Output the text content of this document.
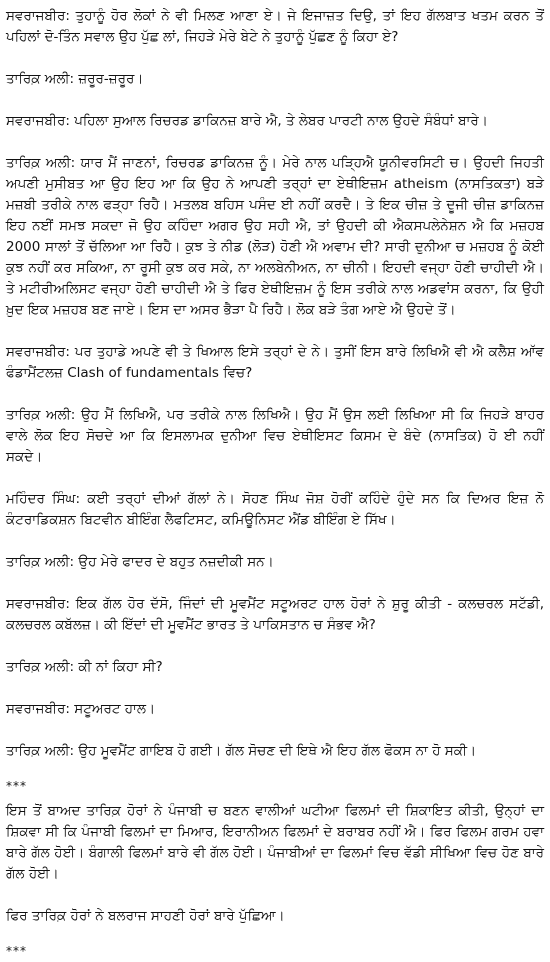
ਸਵਰਾਜਬੀਰ: ਤੁਹਾਨੂੰ ਹੋਰ ਲੋਕਾਂ ਨੇ ਵੀ ਮਿਲਣ ਆਣਾ ਏ। ਜੇ ਇਜਾਜ਼ਤ ਦਿਉ, ਤਾਂ ਇਹ ਗੱਲਬਾਤ ਖਤਮ ਕਰਨ ਤੋਂ ਪਹਿਲਾਂ ਦੋ-ਤਿੰਨ ਸਵਾਲ ਉਹ ਪੁੱਛ ਲਾਂ, ਜਿਹੜੇ ਮੇਰੇ ਬੇਟੇ ਨੇ ਤੁਹਾਨੂੰ ਪੁੱਛਣ ਨੂੰ ਕਿਹਾ ਏ?

ਤਾਰਿਕ਼ ਅਲੀ: ਜ਼ਰੂਰ-ਜ਼ਰੂਰ।

ਸਵਰਾਜਬੀਰ: ਪਹਿਲਾ ਸੁਆਲ ਰਿਚਰਡ ਡਾਕਿਨਜ਼ ਬਾਰੇ ਐ, ਤੇ ਲੇਬਰ ਪਾਰਟੀ ਨਾਲ ਉਹਦੇ ਸੰਬੰਧਾਂ ਬਾਰੇ।

ਤਾਰਿਕ਼ ਅਲੀ: ਯਾਰ ਮੈਂ ਜਾਣਨਾਂ, ਰਿਚਰਡ ਡਾਕਿਨਜ਼ ਨੂੰ। ਮੇਰੇ ਨਾਲ ਪੜ੍ਹਿਐ ਯੂਨੀਵਰਸਿਟੀ ਚ। ਉਹਦੀ ਜਿਹਤੀ ਅਪਣੀ ਮੁਸੀਬਤ ਆ ਉਹ ਇਹ ਆ ਕਿ ਉਹ ਨੇ ਆਪਣੀ ਤਰ੍ਹਾਂ ਦਾ ਏਥੀਇਜ਼ਮ atheism (ਨਾਸਤਿਕਤਾ) ਬੜੇ ਮਜ਼ਬੀ ਤਰੀਕੇ ਨਾਲ ਫੜ੍ਹਾ ਰਿਹੈ। ਮਤਲਬ ਬਹਿਸ ਪਸੰਦ ਈ ਨਹੀਂ ਕਰਦੈ। ਤੇ ਇਕ ਚੀਜ਼ ਤੇ ਦੂਜੀ ਚੀਜ਼ ਡਾਕਿਨਜ਼ ਇਹ ਨਈਂ ਸਮਝ ਸਕਦਾ ਜੋ ਉਹ ਕਹਿੰਦਾ ਅਗਰ ਉਹ ਸਹੀ ਐ, ਤਾਂ ਉਹਦੀ ਕੀ ਐਕਸਪਲੇਨੇਸ਼ਨ ਐ ਕਿ ਮਜ਼ਹਬ 2000 ਸਾਲਾਂ ਤੋਂ ਚੱਲਿਆ ਆ ਰਿਹੈ। ਕੁਝ ਤੇ ਨੀਡ (ਲੋੜ) ਹੋਣੀ ਐ ਅਵਾਮ ਦੀ? ਸਾਰੀ ਦੁਨੀਆ ਚ ਮਜ਼ਹਬ ਨੂੰ ਕੋਈ ਕੁਝ ਨਹੀਂ ਕਰ ਸਕਿਆ, ਨਾ ਰੂਸੀ ਕੁਝ ਕਰ ਸਕੇ, ਨਾ ਅਲਬੇਨੀਅਨ, ਨਾ ਚੀਨੀ। ਇਹਦੀ ਵਜ੍ਹਾ ਹੋਣੀ ਚਾਹੀਦੀ ਐ। ਤੇ ਮਟੀਰੀਅਲਿਸਟ ਵਜ੍ਹਾ ਹੋਣੀ ਚਾਹੀਦੀ ਐ ਤੇ ਫਿਰ ਏਥੀਇਜ਼ਮ ਨੂੰ ਇਸ ਤਰੀਕੇ ਨਾਲ ਅਡਵਾਂਸ ਕਰਨਾ, ਕਿ ਉਹੀ ਖ਼ੁਦ ਇਕ ਮਜ਼ਹਬ ਬਣ ਜਾਏ। ਇਸ ਦਾ ਅਸਰ ਭੈੜਾ ਪੈ ਰਿਹੈ। ਲੋਕ ਬੜੇ ਤੰਗ ਆਏ ਐ ਉਹਦੇ ਤੋਂ।

ਸਵਰਾਜਬੀਰ: ਪਰ ਤੁਹਾਡੇ ਅਪਣੇ ਵੀ ਤੇ ਖਿਆਲ ਇਸੇ ਤਰ੍ਹਾਂ ਦੇ ਨੇ। ਤੁਸੀਂ ਇਸ ਬਾਰੇ ਲਿਖਿਐ ਵੀ ਐ ਕਲੈਸ਼ ਆੱਵ ਫੰਡਾਮੈਂਟਲਜ਼ Clash of fundamentals ਵਿਚ?

ਤਾਰਿਕ਼ ਅਲੀ: ਉਹ ਮੈਂ ਲਿਖਿਐ, ਪਰ ਤਰੀਕੇ ਨਾਲ ਲਿਖਿਐ। ਉਹ ਮੈਂ ਉਸ ਲਈ ਲਿਖਿਆ ਸੀ ਕਿ ਜਿਹੜੇ ਬਾਹਰ ਵਾਲੇ ਲੋਕ ਇਹ ਸੋਚਦੇ ਆ ਕਿ ਇਸਲਾਮਕ ਦੁਨੀਆ ਵਿਚ ਏਥੀਇਸਟ ਕਿਸਮ ਦੇ ਬੰਦੇ (ਨਾਸਤਿਕ) ਹੋ ਈ ਨਹੀਂ ਸਕਦੇ।

ਮਹਿੰਦਰ ਸਿੰਘ: ਕਈ ਤਰ੍ਹਾਂ ਦੀਆਂ ਗੱਲਾਂ ਨੇ। ਸੋਹਣ ਸਿੰਘ ਜੋਸ਼ ਹੋਰੀਂ ਕਹਿੰਦੇ ਹੁੰਦੇ ਸਨ ਕਿ ਦਿਅਰ ਇਜ਼ ਨੋ ਕੰਟਰਾਡਿਕਸ਼ਨ ਬਿਟਵੀਨ ਬੀਇੰਗ ਲੈਫਟਿਸਟ, ਕਮਿਊਨਿਸਟ ਐਂਡ ਬੀਇੰਗ ਏ ਸਿੱਖ।

ਤਾਰਿਕ਼ ਅਲੀ: ਉਹ ਮੇਰੇ ਫਾਦਰ ਦੇ ਬਹੁਤ ਨਜ਼ਦੀਕੀ ਸਨ।

ਸਵਰਾਜਬੀਰ: ਇਕ ਗੱਲ ਹੋਰ ਦੱਸੋ, ਜਿੰਦਾਂ ਦੀ ਮੂਵਮੈਂਟ ਸਟੂਅਰਟ ਹਾਲ ਹੋਰਾਂ ਨੇ ਸ਼ੁਰੂ ਕੀਤੀ - ਕਲਚਰਲ ਸਟੱਡੀ, ਕਲਚਰਲ ਕਬੱਲਜ਼। ਕੀ ਇੱਦਾਂ ਦੀ ਮੂਵਮੈਂਟ ਭਾਰਤ ਤੇ ਪਾਕਿਸਤਾਨ ਚ ਸੰਭਵ ਐ?

ਤਾਰਿਕ਼ ਅਲੀ: ਕੀ ਨਾਂ ਕਿਹਾ ਸੀ?

ਸਵਰਾਜਬੀਰ: ਸਟੂਅਰਟ ਹਾਲ।

ਤਾਰਿਕ਼ ਅਲੀ: ਉਹ ਮੂਵਮੈਂਟ ਗਾਇਬ ਹੋ ਗਈ। ਗੱਲ ਸੋਚਣ ਦੀ ਇਥੇ ਐ ਇਹ ਗੱਲ ਫੋਕਸ ਨਾ ਹੋ ਸਕੀ।

***

ਇਸ ਤੋਂ ਬਾਅਦ ਤਾਰਿਕ਼ ਹੋਰਾਂ ਨੇ ਪੰਜਾਬੀ ਚ ਬਣਨ ਵਾਲੀਆਂ ਘਟੀਆ ਫਿਲਮਾਂ ਦੀ ਸ਼ਿਕਾਇਤ ਕੀਤੀ, ਉਨ੍ਹਾਂ ਦਾ ਸ਼ਿਕਵਾ ਸੀ ਕਿ ਪੰਜਾਬੀ ਫਿਲਮਾਂ ਦਾ ਮਿਆਰ, ਇਰਾਨੀਅਨ ਫਿਲਮਾਂ ਦੇ ਬਰਾਬਰ ਨਹੀਂ ਐ। ਫਿਰ ਫਿਲਮ ਗਰਮ ਹਵਾ ਬਾਰੇ ਗੱਲ ਹੋਈ। ਬੰਗਾਲੀ ਫਿਲਮਾਂ ਬਾਰੇ ਵੀ ਗੱਲ ਹੋਈ। ਪੰਜਾਬੀਆਂ ਦਾ ਫਿਲਮਾਂ ਵਿਚ ਵੱਡੀ ਸੀਖਿਆ ਵਿਚ ਹੋਣ ਬਾਰੇ ਗੱਲ ਹੋਈ।

ਫਿਰ ਤਾਰਿਕ਼ ਹੋਰਾਂ ਨੇ ਬਲਰਾਜ ਸਾਹਣੀ ਹੋਰਾਂ ਬਾਰੇ ਪੁੱਛਿਆ।

***
